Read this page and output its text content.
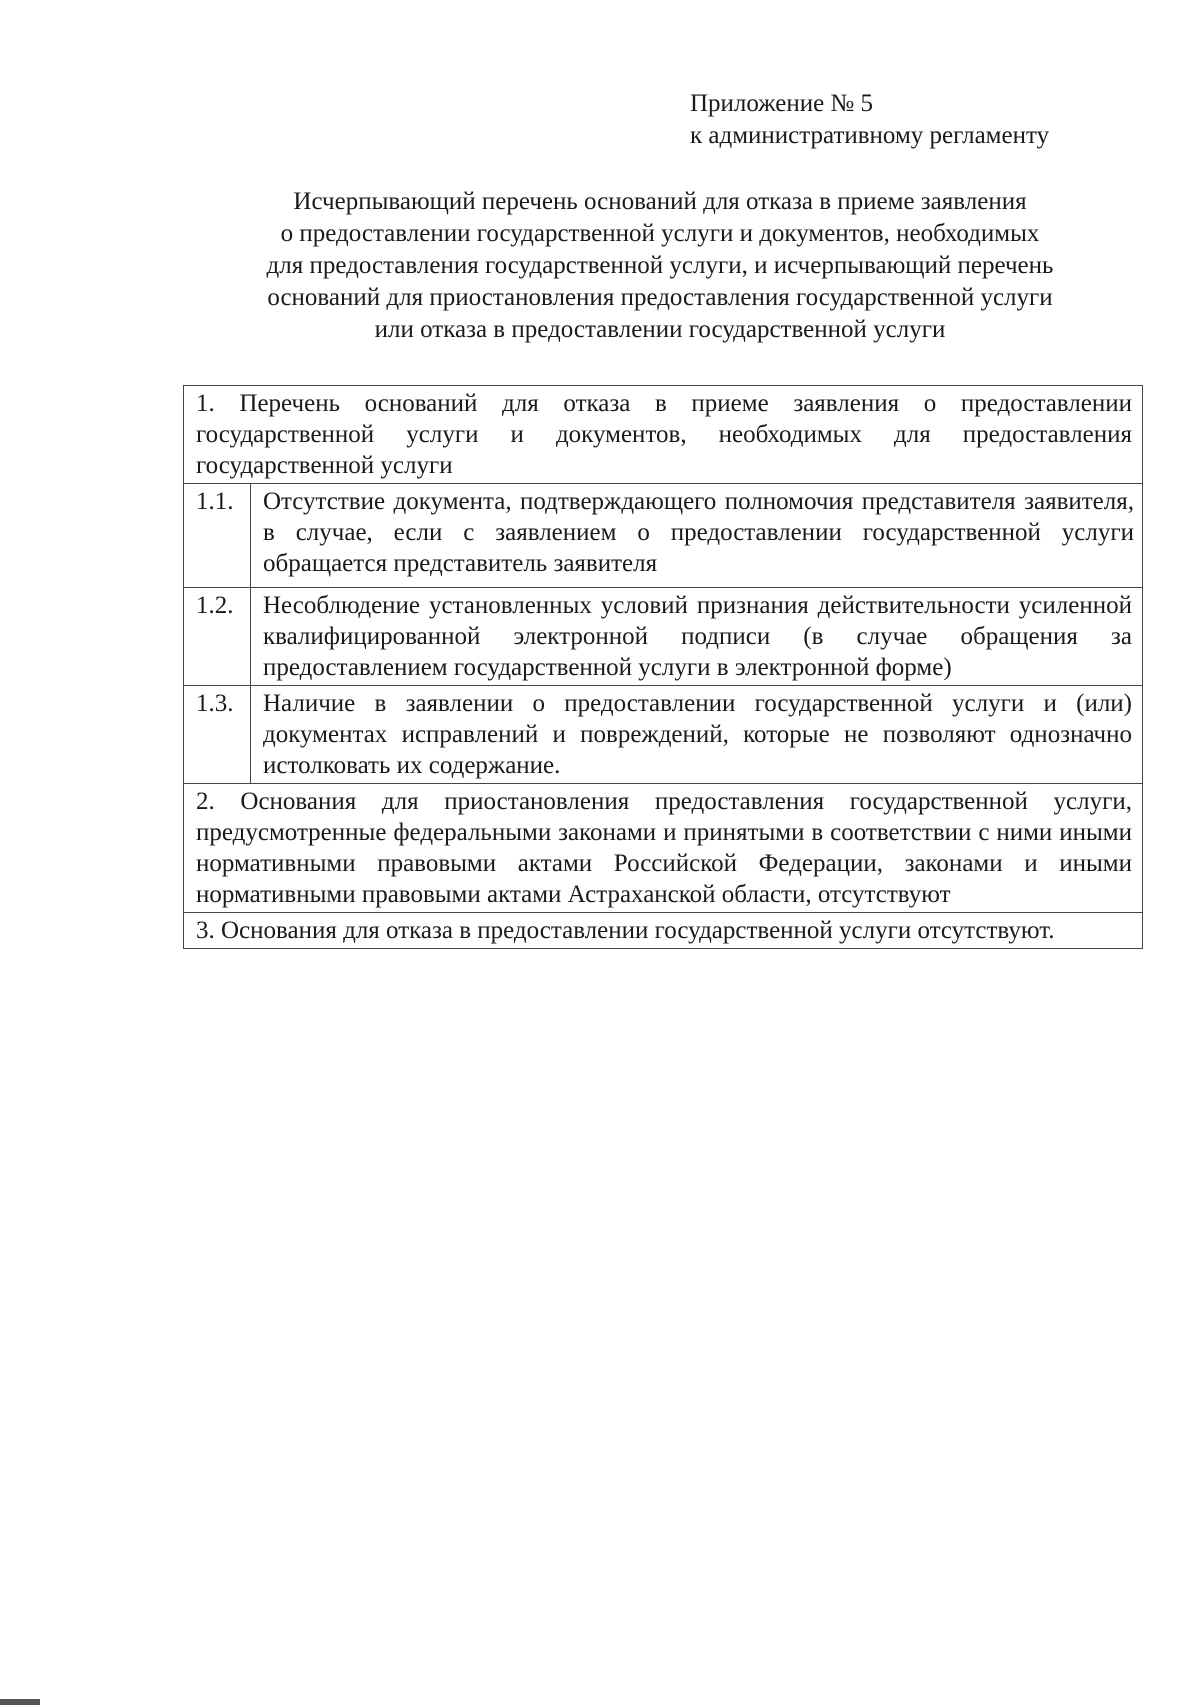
Приложение № 5
к административному регламенту
Исчерпывающий перечень оснований для отказа в приеме заявления
о предоставлении государственной услуги и документов, необходимых
для предоставления государственной услуги, и исчерпывающий перечень
оснований для приостановления предоставления государственной услуги
или отказа в предоставлении государственной услуги
1. Перечень оснований для отказа в приеме заявления о предоставлении государственной услуги и документов, необходимых для предоставления государственной услуги	
1.1.	Отсутствие документа, подтверждающего полномочия представителя заявителя, в случае, если с заявлением о предоставлении государственной услуги обращается представитель заявителя
1.2.	Несоблюдение установленных условий признания действительности усиленной квалифицированной электронной подписи (в случае обращения за предоставлением государственной услуги в электронной форме)
1.3.	Наличие в заявлении о предоставлении государственной услуги и (или) документах исправлений и повреждений, которые не позволяют однозначно истолковать их содержание.
2. Основания для приостановления предоставления государственной услуги, предусмотренные федеральными законами и принятыми в соответствии с ними иными нормативными правовыми актами Российской Федерации, законами и иными нормативными правовыми актами Астраханской области, отсутствуют	
3. Основания для отказа в предоставлении государственной услуги отсутствуют.	
